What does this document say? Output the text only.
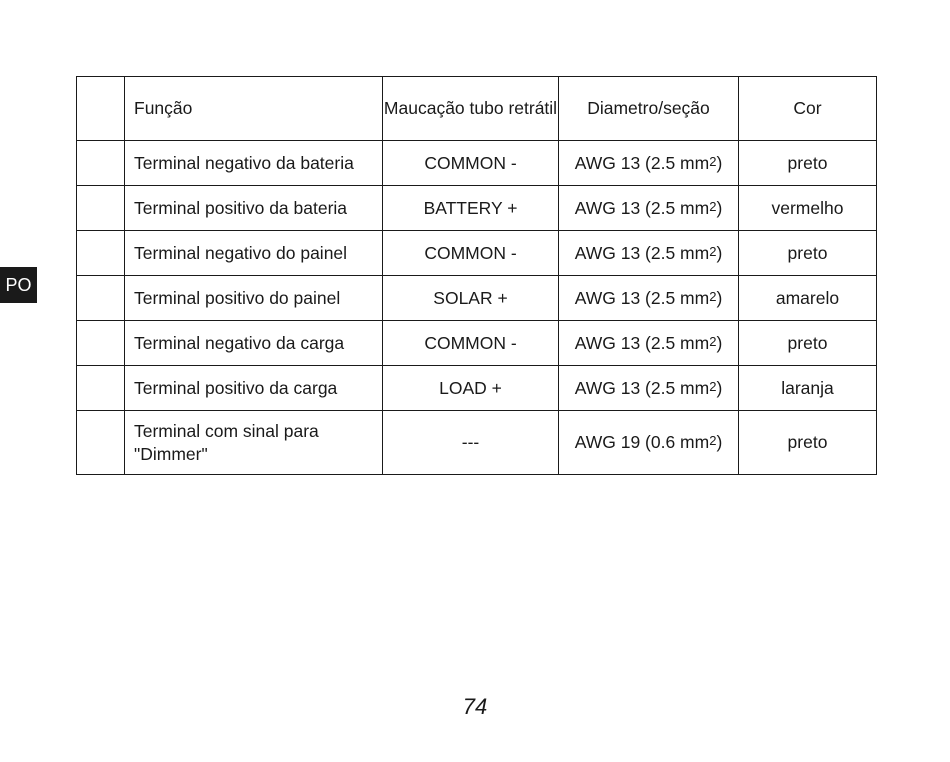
PO
	Função	Maucação tubo retrátil	Diametro/seção	Cor
	Terminal negativo da bateria	COMMON -	AWG 13 (2.5 $mm^2$)	preto
	Terminal positivo da bateria	BATTERY +	AWG 13 (2.5 $mm^2$)	vermelho
	Terminal negativo do painel	COMMON -	AWG 13 (2.5 $mm^2$)	preto
	Terminal positivo do painel	SOLAR +	AWG 13 (2.5 $mm^2$)	amarelo
	Terminal negativo da carga	COMMON -	AWG 13 (2.5 $mm^2$)	preto
	Terminal positivo da carga	LOAD +	AWG 13 (2.5 $mm^2$)	laranja
	Terminal com sinal para "Dimmer"	---	AWG 19 (0.6 $mm^2$)	preto
74
